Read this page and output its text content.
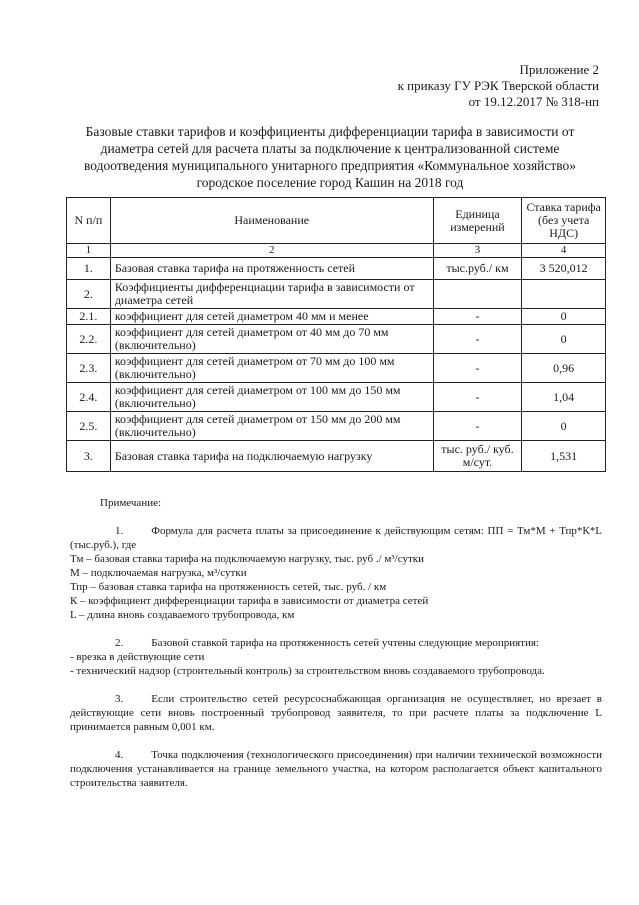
Приложение 2
к приказу ГУ РЭК Тверской области
от 19.12.2017 № 318-нп
Базовые ставки тарифов и коэффициенты дифференциации тарифа в зависимости от
диаметра сетей для расчета платы за подключение к централизованной системе
водоотведения муниципального унитарного предприятия «Коммунальное хозяйство»
городское поселение город Кашин на 2018 год
N п/п	Наименование	Единица измерений	Ставка тарифа (без учета НДС)
1	2	3	4
1.	Базовая ставка тарифа на протяженность сетей	тыс.руб./ км	3 520,012
2.	Коэффициенты дифференциации тарифа в зависимости от диаметра сетей		
2.1.	коэффициент для сетей диаметром 40 мм и менее	-	0
2.2.	коэффициент для сетей диаметром от 40 мм до 70 мм (включительно)	-	0
2.3.	коэффициент для сетей диаметром от 70 мм до 100 мм (включительно)	-	0,96
2.4.	коэффициент для сетей диаметром от 100 мм до 150 мм (включительно)	-	1,04
2.5.	коэффициент для сетей диаметром от 150 мм до 200 мм (включительно)	-	0
3.	Базовая ставка тарифа на подключаемую нагрузку	тыс. руб./ куб. м/сут.	1,531

Примечание:

1.	Формула для расчета платы за присоединение к действующим сетям: ПП = Тм*М + Тпр*К*L (тыс.руб.), где

Тм – базовая ставка тарифа на подключаемую нагрузку, тыс. руб ./ м³/сутки

М – подключаемая нагрузка, м³/сутки

Тпр – базовая ставка тарифа на протяженность сетей, тыс. руб. / км

К – коэффициент дифференциации тарифа в зависимости от диаметра сетей

L – длина вновь создаваемого трубопровода, км

2.	Базовой ставкой тарифа на протяженность сетей учтены следующие мероприятия:

- врезка в действующие сети

- технический надзор (строительный контроль) за строительством вновь создаваемого трубопровода.

3.	Если строительство сетей ресурсоснабжающая организация не осуществляет, но врезает в действующие сети вновь построенный трубопровод заявителя, то при расчете платы за подключение L принимается равным 0,001 км.

4.	Точка подключения (технологического присоединения) при наличии технической возможности подключения устанавливается на границе земельного участка, на котором располагается объект капитального строительства заявителя.
